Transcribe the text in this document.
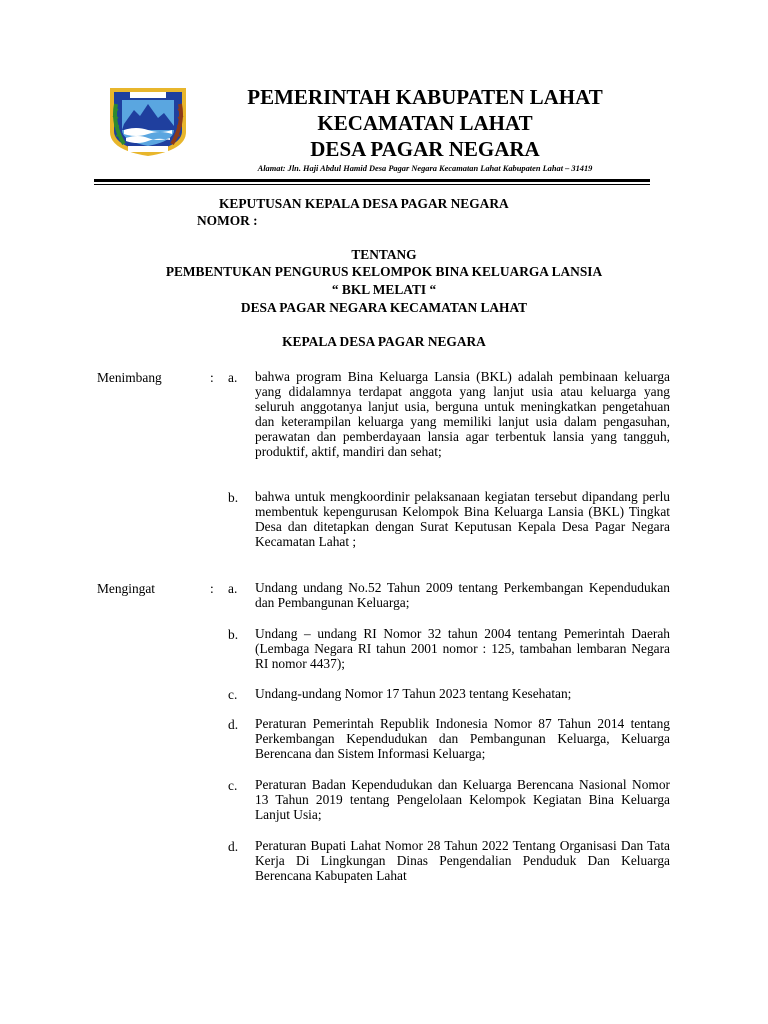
PEMERINTAH KABUPATEN LAHAT
KECAMATAN LAHAT
DESA PAGAR NEGARA
Alamat: Jln. Haji Abdul Hamid Desa Pagar Negara Kecamatan Lahat Kabupaten Lahat – 31419
KEPUTUSAN KEPALA DESA PAGAR NEGARA
NOMOR :
TENTANG
PEMBENTUKAN PENGURUS KELOMPOK BINA KELUARGA LANSIA
“ BKL MELATI “
DESA PAGAR NEGARA KECAMATAN LAHAT
KEPALA DESA PAGAR NEGARA
Menimbang	: a. bahwa program Bina Keluarga Lansia (BKL) adalah pembinaan keluarga yang didalamnya terdapat anggota yang lanjut usia atau keluarga yang seluruh anggotanya lanjut usia, berguna untuk meningkatkan pengetahuan dan keterampilan keluarga yang memiliki lanjut usia dalam pengasuhan, perawatan dan pemberdayaan lansia agar terbentuk lansia yang tangguh, produktif, aktif, mandiri dan sehat;
b. bahwa untuk mengkoordinir pelaksanaan kegiatan tersebut dipandang perlu membentuk kepengurusan Kelompok Bina Keluarga Lansia (BKL) Tingkat Desa dan ditetapkan dengan Surat Keputusan Kepala Desa Pagar Negara Kecamatan Lahat ;
Mengingat	: a. Undang undang No.52 Tahun 2009 tentang Perkembangan Kependudukan dan Pembangunan Keluarga;
b. Undang – undang RI Nomor 32 tahun 2004 tentang Pemerintah Daerah (Lembaga Negara RI tahun 2001 nomor : 125, tambahan lembaran Negara RI nomor 4437);
c. Undang-undang Nomor 17 Tahun 2023 tentang Kesehatan;
d. Peraturan Pemerintah Republik Indonesia Nomor 87 Tahun 2014 tentang Perkembangan Kependudukan dan Pembangunan Keluarga, Keluarga Berencana dan Sistem Informasi Keluarga;
c. Peraturan Badan Kependudukan dan Keluarga Berencana Nasional Nomor 13 Tahun 2019 tentang Pengelolaan Kelompok Kegiatan Bina Keluarga Lanjut Usia;
d. Peraturan Bupati Lahat Nomor 28 Tahun 2022 Tentang Organisasi Dan Tata Kerja Di Lingkungan Dinas Pengendalian Penduduk Dan Keluarga Berencana Kabupaten Lahat
